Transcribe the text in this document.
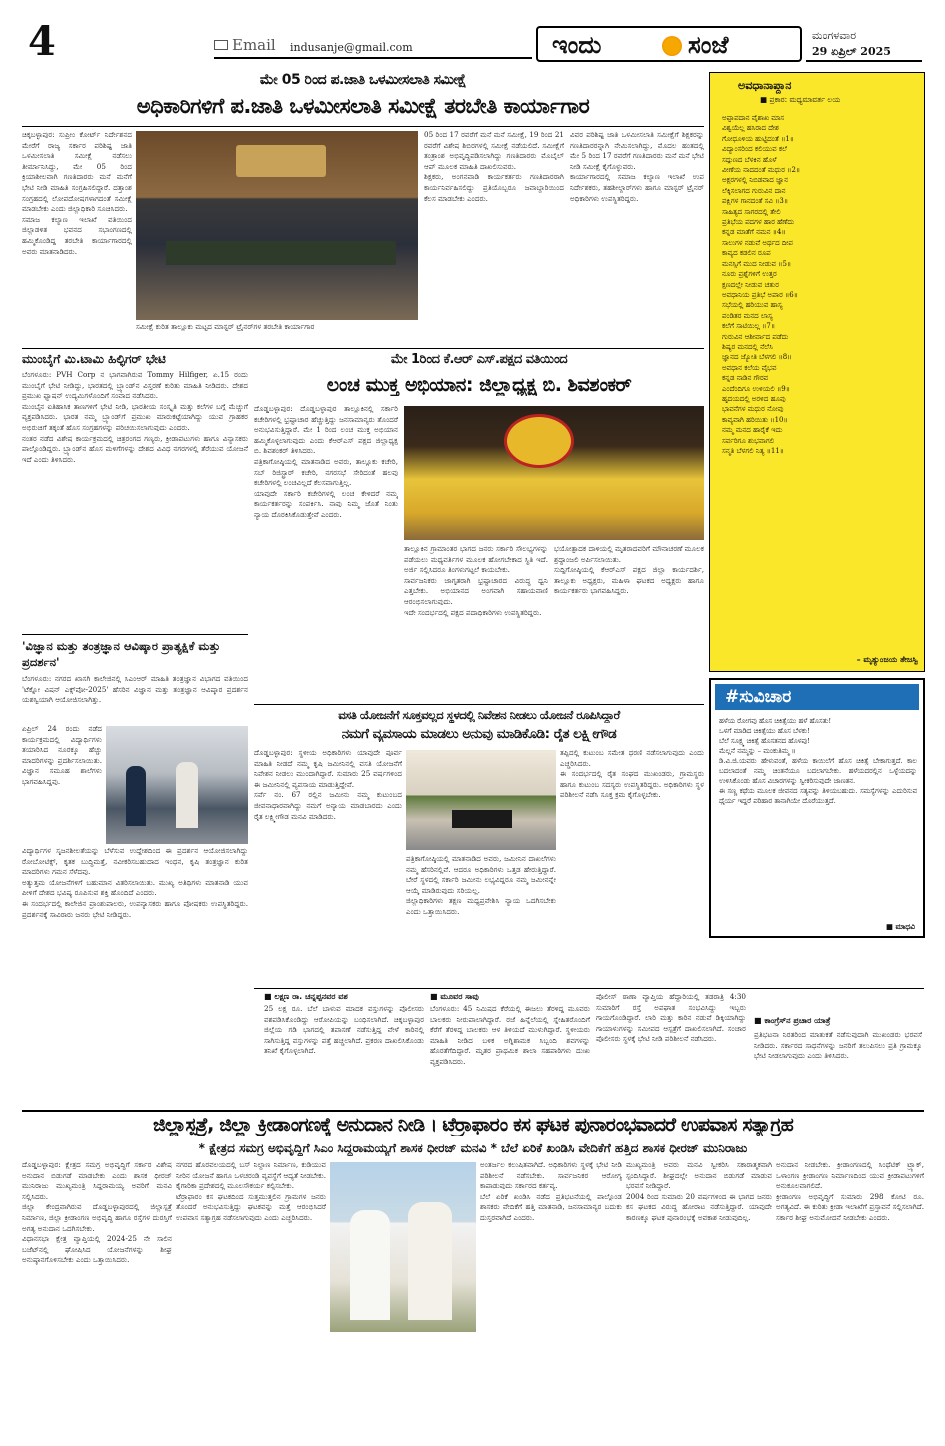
4	Email indusanje@gmail.com	ಇಂದು	ಸಂಜೆ	ಮಂಗಳವಾರ
29 ಏಪ್ರಿಲ್ 2025
ಮೇ 05 ರಿಂದ ಪ.ಜಾತಿ ಒಳಮೀಸಲಾತಿ ಸಮೀಕ್ಷೆ
ಅಧಿಕಾರಿಗಳಿಗೆ ಪ.ಜಾತಿ ಒಳಮೀಸಲಾತಿ ಸಮೀಕ್ಷೆ ತರಬೇತಿ ಕಾರ್ಯಾಗಾರ
ಚಿಕ್ಕಬಳ್ಳಾಪುರ: ಸುಪ್ರೀಂ ಕೋರ್ಟ್ ನಿರ್ದೇಶನದ ಮೇರೆಗೆ ರಾಜ್ಯ ಸರ್ಕಾರ ಪರಿಶಿಷ್ಟ ಜಾತಿ ಒಳಮೀಸಲಾತಿ ಸಮೀಕ್ಷೆ ನಡೆಸಲು ತೀರ್ಮಾನಿಸಿದ್ದು, ಮೇ 05 ರಿಂದ ಕ್ರಿಯಾಶೀಲವಾಗಿ ಗಣತಿದಾರರು ಮನೆ ಮನೆಗೆ ಭೇಟಿ ನೀಡಿ ಮಾಹಿತಿ ಸಂಗ್ರಹಿಸಲಿದ್ದಾರೆ. ದತ್ತಾಂಶ ಸಂಗ್ರಹದಲ್ಲಿ ಲೋಪದೋಷಗಳಾಗದಂತೆ ಸಮೀಕ್ಷೆ ಮಾಡಬೇಕು ಎಂದು ಜಿಲ್ಲಾಧಿಕಾರಿ ಸೂಚಿಸಿದರು.
ಸಮಾಜ ಕಲ್ಯಾಣ ಇಲಾಖೆ ವತಿಯಿಂದ ಜಿಲ್ಲಾಡಳಿತ ಭವನದ ಸಭಾಂಗಣದಲ್ಲಿ ಹಮ್ಮಿಕೊಂಡಿದ್ದ ತರಬೇತಿ ಕಾರ್ಯಾಗಾರದಲ್ಲಿ ಅವರು ಮಾತನಾಡಿದರು.
ಸಮೀಕ್ಷೆ ಕುರಿತ ತಾಲ್ಲೂಕು ಮಟ್ಟದ ಮಾಸ್ಟರ್ ಟ್ರೈನರ್‌ಗಳ ತರಬೇತಿ ಕಾರ್ಯಾಗಾರ
05 ರಿಂದ 17 ರವರೆಗೆ ಮನೆ ಮನೆ ಸಮೀಕ್ಷೆ, 19 ರಿಂದ 21 ರವರೆಗೆ ವಿಶೇಷ ಶಿಬಿರಗಳಲ್ಲಿ ಸಮೀಕ್ಷೆ ನಡೆಯಲಿದೆ. ಸಮೀಕ್ಷೆಗೆ ತಂತ್ರಾಂಶ ಅಭಿವೃದ್ಧಿಪಡಿಸಲಾಗಿದ್ದು ಗಣತಿದಾರರು ಮೊಬೈಲ್ ಆಪ್ ಮೂಲಕ ಮಾಹಿತಿ ದಾಖಲಿಸುವರು.
ಶಿಕ್ಷಕರು, ಅಂಗನವಾಡಿ ಕಾರ್ಯಕರ್ತರು ಗಣತಿದಾರರಾಗಿ ಕಾರ್ಯನಿರ್ವಹಿಸಲಿದ್ದು ಪ್ರತಿಯೊಬ್ಬರೂ ಜವಾಬ್ದಾರಿಯಿಂದ ಕೆಲಸ ಮಾಡಬೇಕು ಎಂದರು.
ವಿವರ ಪರಿಶಿಷ್ಟ ಜಾತಿ ಒಳಮೀಸಲಾತಿ ಸಮೀಕ್ಷೆಗೆ ಶಿಕ್ಷಕರನ್ನು ಗಣತಿದಾರರನ್ನಾಗಿ ನೇಮಿಸಲಾಗಿದ್ದು, ಮೊದಲ ಹಂತದಲ್ಲಿ ಮೇ 5 ರಿಂದ 17 ರವರೆಗೆ ಗಣತಿದಾರರು ಮನೆ ಮನೆ ಭೇಟಿ ನೀಡಿ ಸಮೀಕ್ಷೆ ಕೈಗೊಳ್ಳುವರು.
ಕಾರ್ಯಾಗಾರದಲ್ಲಿ ಸಮಾಜ ಕಲ್ಯಾಣ ಇಲಾಖೆ ಉಪ ನಿರ್ದೇಶಕರು, ತಹಶೀಲ್ದಾರ್‌ಗಳು ಹಾಗೂ ಮಾಸ್ಟರ್ ಟ್ರೈನರ್ ಅಧಿಕಾರಿಗಳು ಉಪಸ್ಥಿತರಿದ್ದರು.
ಅವಧಾನಾಪ್ದಾನ
■ ಪ್ರಕಾರ: ಮಧ್ಯಮಾವರ್ತ ಲಯ
ಅಪ್ಪಾಪದಾನ ವೈಶಾಖ ಮಾಸ
ವಿಶ್ವಯೆಲ್ಲ ಹಸಿರಾದ ದೇಶ
ಗೋಧೂಳಿಯ ಹುಟ್ಟಿದಂತೆ ॥1॥
ವಿದ್ಯಾಂಸರಿಂದ ಕಲಿಯುವ ಕಲೆ
ಸದ್ಗುಣದ ಬೆಳಕಿನ ಹೊಳೆ
ವೀಣೆಯ ನಾದದಂತೆ ಮಧುರ ॥2॥
ಅಕ್ಷರಗಳಲ್ಲಿ ನಿಬಿಡವಾದ ಜ್ಞಾನ
ಲೆಕ್ಕಿಸಲಾಗದ ಗುರುವಿನ ದಾನ
ಪಕ್ಷಿಗಳ ಗಾನದಂತೆ ಸವಿ ॥3॥
ಸಾಹಿತ್ಯದ ಸಾಗರದಲ್ಲಿ ತೇಲಿ
ಪ್ರತಿಭೆಯ ಪದಗಳ ಹಾರ ಹೆಣೆದು
ಕನ್ನಡ ಮಾತೆಗೆ ನಮನ ॥4॥
ಸಾಲುಗಳ ನಡುವೆ ಅರ್ಥದ ದೀಪ
ಕಾವ್ಯದ ಕಡಲಿನ ರೂಪ
ಮನಸ್ಸಿಗೆ ಮುದ ನೀಡುವ ॥5॥
ನೂರು ಪ್ರಶ್ನೆಗಳಿಗೆ ಉತ್ತರ
ಕ್ಷಣದಲ್ಲೇ ನೀಡುವ ಚತುರ
ಅವಧಾನಿಯ ಪ್ರತಿಭೆ ಅಪಾರ ॥6॥
ಸಭೆಯಲ್ಲಿ ಹರಿಯುವ ಹಾಸ್ಯ
ಪಂಡಿತರ ಮನದ ಲಾಸ್ಯ
ಕಲೆಗೆ ಸಾಟಿಯಿಲ್ಲ ॥7॥
ಗುರುವಿನ ಆಶೀರ್ವಾದ ಪಡೆದು
ಶಿಷ್ಯರ ಮನದಲ್ಲಿ ನೆಲೆಸಿ
ಜ್ಞಾನದ ಜ್ಯೋತಿ ಬೆಳಗಲಿ ॥8॥
ಅವಧಾನ ಕಲೆಯ ವೈಭವ
ಕನ್ನಡ ನಾಡಿನ ಗೌರವ
ಎಂದೆಂದಿಗೂ ಉಳಿಯಲಿ ॥9॥
ಹೃದಯದಲ್ಲಿ ಅರಳಿದ ಹೂವು
ಭಾವನೆಗಳ ಮಧುರ ನೋವು
ಕಾವ್ಯವಾಗಿ ಹರಿಯಿತು ॥10॥
ನಮ್ಮ ಮನದ ಹಾರೈಕೆ ಇದು
ಸರ್ವರಿಗೂ ಶುಭವಾಗಲಿ
ಸನ್ಮತಿ ಬೆಳಗಲಿ ನಿತ್ಯ ॥11॥
– ಮೃತ್ಯುಂಜಯ ತೇಜಸ್ವಿ
#ಸುವಿಚಾರ
ಹಳೆಯ ರೋಗವು ಹೊಸ ಚಿಕಿತ್ಸೆಯು ಹಳೆ ಹೊಸತು!
ಒಳಗೆ ಮಾಡಿದ ಚಿಕಿತ್ಸೆಯು ಹೊಸ ಬೆಳಕು!
ಬೆಲೆ ಸೂಕ್ಷ್ಮ ಚಿಕಿತ್ಸೆ ಹೊಸತನದ ಹೊಳಪು!
ಮೆಲ್ಲನೆ ನಮ್ಮನ್ನು – ಮಂಕುತಿಮ್ಮ ॥
ಡಿ.ವಿ.ಜಿ.ಯವರು ಹೇಳುವಂತೆ, ಹಳೆಯ ಕಾಯಿಲೆಗೆ ಹೊಸ ಚಿಕಿತ್ಸೆ ಬೇಕಾಗುತ್ತದೆ. ಕಾಲ ಬದಲಾದಂತೆ ನಮ್ಮ ಚಿಂತನೆಯೂ ಬದಲಾಗಬೇಕು. ಹಳೆಯದರಲ್ಲಿನ ಒಳ್ಳೆಯದನ್ನು ಉಳಿಸಿಕೊಂಡು ಹೊಸ ವಿಚಾರಗಳನ್ನು ಸ್ವೀಕರಿಸುವುದೇ ಜಾಣತನ.
ಈ ಸಣ್ಣ ಕಥೆಯ ಮೂಲಕ ಜೀವನದ ಸತ್ಯವನ್ನು ತಿಳಿಯಬಹುದು. ಸಮಸ್ಯೆಗಳನ್ನು ಎದುರಿಸುವ ಧೈರ್ಯ ಇದ್ದರೆ ಪರಿಹಾರ ತಾನಾಗಿಯೇ ದೊರೆಯುತ್ತದೆ.
■ ಮಾಧವಿ
ಮುಂಬೈಗೆ ಮಿ.ಟಾಮಿ ಹಿಲ್ಫಿಗರ್ ಭೇಟಿ
ಬೆಂಗಳೂರು: PVH Corp ನ ಭಾಗವಾಗಿರುವ Tommy Hilfiger, ಏ.15 ರಂದು ಮುಂಬೈಗೆ ಭೇಟಿ ನೀಡಿದ್ದು, ಭಾರತದಲ್ಲಿ ಬ್ರ್ಯಾಂಡ್‌ನ ವಿಸ್ತರಣೆ ಕುರಿತು ಮಾಹಿತಿ ನೀಡಿದರು. ದೇಶದ ಪ್ರಮುಖ ಫ್ಯಾಷನ್ ಉದ್ಯಮಿಗಳೊಂದಿಗೆ ಸಂವಾದ ನಡೆಸಿದರು.
ಮುಂಬೈನ ಐತಿಹಾಸಿಕ ತಾಣಗಳಿಗೆ ಭೇಟಿ ನೀಡಿ, ಭಾರತೀಯ ಸಂಸ್ಕೃತಿ ಮತ್ತು ಕಲೆಗಳ ಬಗ್ಗೆ ಮೆಚ್ಚುಗೆ ವ್ಯಕ್ತಪಡಿಸಿದರು. ಭಾರತ ನಮ್ಮ ಬ್ರ್ಯಾಂಡ್‌ಗೆ ಪ್ರಮುಖ ಮಾರುಕಟ್ಟೆಯಾಗಿದ್ದು ಯುವ ಗ್ರಾಹಕರ ಅಭಿರುಚಿಗೆ ತಕ್ಕಂತೆ ಹೊಸ ಸಂಗ್ರಹಗಳನ್ನು ಪರಿಚಯಿಸಲಾಗುವುದು ಎಂದರು.
ನಂತರ ನಡೆದ ವಿಶೇಷ ಕಾರ್ಯಕ್ರಮದಲ್ಲಿ ಚಿತ್ರರಂಗದ ಗಣ್ಯರು, ಕ್ರೀಡಾಪಟುಗಳು ಹಾಗೂ ವಿನ್ಯಾಸಕರು ಪಾಲ್ಗೊಂಡಿದ್ದರು. ಬ್ರ್ಯಾಂಡ್‌ನ ಹೊಸ ಮಳಿಗೆಗಳನ್ನು ದೇಶದ ವಿವಿಧ ನಗರಗಳಲ್ಲಿ ತೆರೆಯುವ ಯೋಜನೆ ಇದೆ ಎಂದು ತಿಳಿಸಿದರು.
'ವಿಜ್ಞಾನ ಮತ್ತು ತಂತ್ರಜ್ಞಾನ ಆವಿಷ್ಕಾರ ಪ್ರಾತ್ಯಕ್ಷಿಕೆ ಮತ್ತು ಪ್ರದರ್ಶನ'
ಬೆಂಗಳೂರು: ನಗರದ ಖಾಸಗಿ ಕಾಲೇಜಿನಲ್ಲಿ ಸಿಎಂಆರ್ ಮಾಹಿತಿ ತಂತ್ರಜ್ಞಾನ ವಿಭಾಗದ ವತಿಯಿಂದ 'ಟೆಕ್ನೋ ವಿಷನ್ ಎಕ್ಸ್‌ಪೋ-2025' ಹೆಸರಿನ ವಿಜ್ಞಾನ ಮತ್ತು ತಂತ್ರಜ್ಞಾನ ಆವಿಷ್ಕಾರ ಪ್ರದರ್ಶನ ಯಶಸ್ವಿಯಾಗಿ ಆಯೋಜಿಸಲಾಗಿತ್ತು.
ಏಪ್ರಿಲ್ 24 ರಂದು ನಡೆದ ಕಾರ್ಯಕ್ರಮದಲ್ಲಿ ವಿದ್ಯಾರ್ಥಿಗಳು ತಯಾರಿಸಿದ ನೂರಕ್ಕೂ ಹೆಚ್ಚು ಮಾದರಿಗಳನ್ನು ಪ್ರದರ್ಶಿಸಲಾಯಿತು. ವಿಜ್ಞಾನ ಸಮೂಹ ಶಾಲೆಗಳು ಭಾಗವಹಿಸಿದ್ದವು.
ವಿದ್ಯಾರ್ಥಿಗಳ ಸೃಜನಶೀಲತೆಯನ್ನು ಬೆಳೆಸುವ ಉದ್ದೇಶದಿಂದ ಈ ಪ್ರದರ್ಶನ ಆಯೋಜಿಸಲಾಗಿದ್ದು ರೋಬೋಟಿಕ್ಸ್, ಕೃತಕ ಬುದ್ಧಿಮತ್ತೆ, ನವೀಕರಿಸಬಹುದಾದ ಇಂಧನ, ಕೃಷಿ ತಂತ್ರಜ್ಞಾನ ಕುರಿತ ಮಾದರಿಗಳು ಗಮನ ಸೆಳೆದವು.
ಅತ್ಯುತ್ತಮ ಯೋಜನೆಗಳಿಗೆ ಬಹುಮಾನ ವಿತರಿಸಲಾಯಿತು. ಮುಖ್ಯ ಅತಿಥಿಗಳು ಮಾತನಾಡಿ ಯುವ ಪೀಳಿಗೆ ದೇಶದ ಭವಿಷ್ಯ ರೂಪಿಸುವ ಶಕ್ತಿ ಹೊಂದಿದೆ ಎಂದರು.
ಈ ಸಂದರ್ಭದಲ್ಲಿ ಕಾಲೇಜಿನ ಪ್ರಾಂಶುಪಾಲರು, ಉಪನ್ಯಾಸಕರು ಹಾಗೂ ಪೋಷಕರು ಉಪಸ್ಥಿತರಿದ್ದರು. ಪ್ರದರ್ಶನಕ್ಕೆ ಸಾವಿರಾರು ಜನರು ಭೇಟಿ ನೀಡಿದ್ದರು.
ಮೇ 1ರಿಂದ ಕೆ.ಆರ್ ಎಸ್.ಪಕ್ಷದ ವತಿಯಿಂದ
ಲಂಚ ಮುಕ್ತ ಅಭಿಯಾನ: ಜಿಲ್ಲಾಧ್ಯಕ್ಷ ಬಿ. ಶಿವಶಂಕರ್
ದೊಡ್ಡಬಳ್ಳಾಪುರ: ದೊಡ್ಡಬಳ್ಳಾಪುರ ತಾಲ್ಲೂಕಿನಲ್ಲಿ ಸರ್ಕಾರಿ ಕಚೇರಿಗಳಲ್ಲಿ ಭ್ರಷ್ಟಾಚಾರ ಹೆಚ್ಚುತ್ತಿದ್ದು ಜನಸಾಮಾನ್ಯರು ತೊಂದರೆ ಅನುಭವಿಸುತ್ತಿದ್ದಾರೆ. ಮೇ 1 ರಿಂದ ಲಂಚ ಮುಕ್ತ ಅಭಿಯಾನ ಹಮ್ಮಿಕೊಳ್ಳಲಾಗುವುದು ಎಂದು ಕೆಆರ್‌ಎಸ್ ಪಕ್ಷದ ಜಿಲ್ಲಾಧ್ಯಕ್ಷ ಬಿ. ಶಿವಶಂಕರ್ ತಿಳಿಸಿದರು.
ಪತ್ರಿಕಾಗೋಷ್ಠಿಯಲ್ಲಿ ಮಾತನಾಡಿದ ಅವರು, ತಾಲ್ಲೂಕು ಕಚೇರಿ, ಸಬ್ ರಿಜಿಸ್ಟ್ರಾರ್ ಕಚೇರಿ, ನಗರಸಭೆ ಸೇರಿದಂತೆ ಹಲವು ಕಚೇರಿಗಳಲ್ಲಿ ಲಂಚವಿಲ್ಲದೆ ಕೆಲಸವಾಗುತ್ತಿಲ್ಲ.
ಯಾವುದೇ ಸರ್ಕಾರಿ ಕಚೇರಿಗಳಲ್ಲಿ ಲಂಚ ಕೇಳಿದರೆ ನಮ್ಮ ಕಾರ್ಯಕರ್ತರನ್ನು ಸಂಪರ್ಕಿಸಿ. ನಾವು ನಿಮ್ಮ ಜೊತೆ ನಿಂತು ನ್ಯಾಯ ದೊರಕಿಸಿಕೊಡುತ್ತೇವೆ ಎಂದರು.
ತಾಲ್ಲೂಕಿನ ಗ್ರಾಮಾಂತರ ಭಾಗದ ಜನರು ಸರ್ಕಾರಿ ಸೌಲಭ್ಯಗಳನ್ನು ಪಡೆಯಲು ಮಧ್ಯವರ್ತಿಗಳ ಮೂಲಕ ಹೋಗಬೇಕಾದ ಸ್ಥಿತಿ ಇದೆ. ಅರ್ಜಿ ಸಲ್ಲಿಸಿದರೂ ತಿಂಗಳುಗಟ್ಟಲೆ ಕಾಯಬೇಕು.
ಸಾರ್ವಜನಿಕರು ಜಾಗೃತರಾಗಿ ಭ್ರಷ್ಟಾಚಾರದ ವಿರುದ್ಧ ಧ್ವನಿ ಎತ್ತಬೇಕು. ಅಭಿಯಾನದ ಅಂಗವಾಗಿ ಸಹಾಯವಾಣಿ ಆರಂಭಿಸಲಾಗುವುದು.
ಇದೇ ಸಂದರ್ಭದಲ್ಲಿ ಪಕ್ಷದ ಪದಾಧಿಕಾರಿಗಳು ಉಪಸ್ಥಿತರಿದ್ದರು.
ಭಯೋತ್ಪಾದಕ ದಾಳಿಯಲ್ಲಿ ಮೃತರಾದವರಿಗೆ ಮೌನಾಚರಣೆ ಮೂಲಕ ಶ್ರದ್ಧಾಂಜಲಿ ಅರ್ಪಿಸಲಾಯಿತು.
ಸುದ್ದಿಗೋಷ್ಠಿಯಲ್ಲಿ ಕೆಆರ್‌ಎಸ್ ಪಕ್ಷದ ಜಿಲ್ಲಾ ಕಾರ್ಯದರ್ಶಿ, ತಾಲ್ಲೂಕು ಅಧ್ಯಕ್ಷರು, ಮಹಿಳಾ ಘಟಕದ ಅಧ್ಯಕ್ಷರು ಹಾಗೂ ಕಾರ್ಯಕರ್ತರು ಭಾಗವಹಿಸಿದ್ದರು.
ವಸತಿ ಯೋಜನೆಗೆ ಸೂಕ್ತವಲ್ಲದ ಸ್ಥಳದಲ್ಲಿ ನಿವೇಶನ ನೀಡಲು ಯೋಜನೆ ರೂಪಿಸಿದ್ದಾರೆ
ನಮಗೆ ವ್ಯವಸಾಯ ಮಾಡಲು ಅನುವು ಮಾಡಿಕೊಡಿ: ರೈತ ಲಕ್ಷ್ಮೀಗೌಡ
ದೊಡ್ಡಬಳ್ಳಾಪುರ: ಸ್ಥಳೀಯ ಅಧಿಕಾರಿಗಳು ಯಾವುದೇ ಪೂರ್ವ ಮಾಹಿತಿ ನೀಡದೆ ನಮ್ಮ ಕೃಷಿ ಜಮೀನಿನಲ್ಲಿ ವಸತಿ ಯೋಜನೆಗೆ ನಿವೇಶನ ನೀಡಲು ಮುಂದಾಗಿದ್ದಾರೆ. ಸುಮಾರು 25 ವರ್ಷಗಳಿಂದ ಈ ಜಮೀನಿನಲ್ಲಿ ವ್ಯವಸಾಯ ಮಾಡುತ್ತಿದ್ದೇವೆ.
ಸರ್ವೆ ನಂ. 67 ರಲ್ಲಿನ ಜಮೀನು ನಮ್ಮ ಕುಟುಂಬದ ಜೀವನಾಧಾರವಾಗಿದ್ದು ನಮಗೆ ಅನ್ಯಾಯ ಮಾಡಬಾರದು ಎಂದು ರೈತ ಲಕ್ಷ್ಮೀಗೌಡ ಮನವಿ ಮಾಡಿದರು.
ಪತ್ರಿಕಾಗೋಷ್ಠಿಯಲ್ಲಿ ಮಾತನಾಡಿದ ಅವರು, ಜಮೀನಿನ ದಾಖಲೆಗಳು ನಮ್ಮ ಹೆಸರಿನಲ್ಲಿವೆ. ಆದರೂ ಅಧಿಕಾರಿಗಳು ಒತ್ತಡ ಹೇರುತ್ತಿದ್ದಾರೆ. ಬೇರೆ ಸ್ಥಳದಲ್ಲಿ ಸರ್ಕಾರಿ ಜಮೀನು ಲಭ್ಯವಿದ್ದರೂ ನಮ್ಮ ಜಮೀನನ್ನೇ ಆಯ್ಕೆ ಮಾಡಿರುವುದು ಸರಿಯಲ್ಲ.
ಜಿಲ್ಲಾಧಿಕಾರಿಗಳು ತಕ್ಷಣ ಮಧ್ಯಪ್ರವೇಶಿಸಿ ನ್ಯಾಯ ಒದಗಿಸಬೇಕು ಎಂದು ಒತ್ತಾಯಿಸಿದರು.
ತಪ್ಪಿದಲ್ಲಿ ಕುಟುಂಬ ಸಮೇತ ಧರಣಿ ನಡೆಸಲಾಗುವುದು ಎಂದು ಎಚ್ಚರಿಸಿದರು.
ಈ ಸಂದರ್ಭದಲ್ಲಿ ರೈತ ಸಂಘದ ಮುಖಂಡರು, ಗ್ರಾಮಸ್ಥರು ಹಾಗೂ ಕುಟುಂಬ ಸದಸ್ಯರು ಉಪಸ್ಥಿತರಿದ್ದರು. ಅಧಿಕಾರಿಗಳು ಸ್ಥಳ ಪರಿಶೀಲನೆ ನಡೆಸಿ ಸೂಕ್ತ ಕ್ರಮ ಕೈಗೊಳ್ಳಬೇಕು.
■ ಲಕ್ಷ್ಮಣ ರಾ. ಚನ್ನಪ್ಪನವರ ವಶ
25 ಲಕ್ಷ ರೂ. ಬೆಲೆ ಬಾಳುವ ಮಾದಕ ವಸ್ತುಗಳನ್ನು ಪೊಲೀಸರು ವಶಪಡಿಸಿಕೊಂಡಿದ್ದು ಆರೋಪಿಯನ್ನು ಬಂಧಿಸಲಾಗಿದೆ. ಚಿಕ್ಕಬಳ್ಳಾಪುರ ಜಿಲ್ಲೆಯ ಗಡಿ ಭಾಗದಲ್ಲಿ ತಪಾಸಣೆ ನಡೆಸುತ್ತಿದ್ದ ವೇಳೆ ಕಾರಿನಲ್ಲಿ ಸಾಗಿಸುತ್ತಿದ್ದ ವಸ್ತುಗಳನ್ನು ಪತ್ತೆ ಹಚ್ಚಲಾಗಿದೆ. ಪ್ರಕರಣ ದಾಖಲಿಸಿಕೊಂಡು ತನಿಖೆ ಕೈಗೊಳ್ಳಲಾಗಿದೆ.
■ ಮೂವರ ಸಾವು
ಬೆಂಗಳೂರು: 45 ನಿಮಿಷದ ಕೆರೆಯಲ್ಲಿ ಈಜಲು ತೆರಳಿದ್ದ ಮೂವರು ಬಾಲಕರು ನೀರುಪಾಲಾಗಿದ್ದಾರೆ. ರಜೆ ಹಿನ್ನೆಲೆಯಲ್ಲಿ ಸ್ನೇಹಿತರೊಂದಿಗೆ ಕೆರೆಗೆ ತೆರಳಿದ್ದ ಬಾಲಕರು ಆಳ ತಿಳಿಯದೆ ಮುಳುಗಿದ್ದಾರೆ. ಸ್ಥಳೀಯರು ಮಾಹಿತಿ ನೀಡಿದ ಬಳಿಕ ಅಗ್ನಿಶಾಮಕ ಸಿಬ್ಬಂದಿ ಶವಗಳನ್ನು ಹೊರತೆಗೆದಿದ್ದಾರೆ. ಮೃತರ ಪ್ರಾಥಮಿಕ ಶಾಲಾ ಸಹಪಾಠಿಗಳು ದುಃಖ ವ್ಯಕ್ತಪಡಿಸಿದರು.
ಪೊಲೀಸ್ ಠಾಣಾ ವ್ಯಾಪ್ತಿಯ ಹೆದ್ದಾರಿಯಲ್ಲಿ ತಡರಾತ್ರಿ 4:30 ಸುಮಾರಿಗೆ ರಸ್ತೆ ಅಪಘಾತ ಸಂಭವಿಸಿದ್ದು ಇಬ್ಬರು ಗಾಯಗೊಂಡಿದ್ದಾರೆ. ಲಾರಿ ಮತ್ತು ಕಾರಿನ ನಡುವೆ ಡಿಕ್ಕಿಯಾಗಿದ್ದು ಗಾಯಾಳುಗಳನ್ನು ಸಮೀಪದ ಆಸ್ಪತ್ರೆಗೆ ದಾಖಲಿಸಲಾಗಿದೆ. ಸಂಚಾರ ಪೊಲೀಸರು ಸ್ಥಳಕ್ಕೆ ಭೇಟಿ ನೀಡಿ ಪರಿಶೀಲನೆ ನಡೆಸಿದರು.
■ ಕಾಂಗ್ರೆಸ್‌ನ ಪ್ರಚಾರ ಯಾತ್ರೆ
ಪ್ರತಿಭಟನಾ ನಿರತರಿಂದ ಮಾತುಕತೆ ನಡೆಸುವುದಾಗಿ ಮುಖಂಡರು ಭರವಸೆ ನೀಡಿದರು. ಸರ್ಕಾರದ ಸಾಧನೆಗಳನ್ನು ಜನರಿಗೆ ತಲುಪಿಸಲು ಪ್ರತಿ ಗ್ರಾಮಕ್ಕೂ ಭೇಟಿ ನೀಡಲಾಗುವುದು ಎಂದು ತಿಳಿಸಿದರು.
ಜಿಲ್ಲಾಸ್ಪತ್ರೆ, ಜಿಲ್ಲಾ ಕ್ರೀಡಾಂಗಣಕ್ಕೆ ಅನುದಾನ ನೀಡಿ । ಟೆರ್ರಾಫಾರಂ ಕಸ ಘಟಕ ಪುನಾರಂಭವಾದರೆ ಉಪವಾಸ ಸತ್ಯಾಗ್ರಹ
* ಕ್ಷೇತ್ರದ ಸಮಗ್ರ ಅಭಿವೃದ್ಧಿಗೆ ಸಿಎಂ ಸಿದ್ದರಾಮಯ್ಯಗೆ ಶಾಸಕ ಧೀರಜ್ ಮನವಿ * ಬೆಲೆ ಏರಿಕೆ ಖಂಡಿಸಿ ವೇದಿಕೆಗೆ ಹತ್ತಿದ ಶಾಸಕ ಧೀರಜ್ ಮುನಿರಾಜು
ದೊಡ್ಡಬಳ್ಳಾಪುರ: ಕ್ಷೇತ್ರದ ಸಮಗ್ರ ಅಭಿವೃದ್ಧಿಗೆ ಸರ್ಕಾರ ವಿಶೇಷ ಅನುದಾನ ಬಿಡುಗಡೆ ಮಾಡಬೇಕು ಎಂದು ಶಾಸಕ ಧೀರಜ್ ಮುನಿರಾಜು ಮುಖ್ಯಮಂತ್ರಿ ಸಿದ್ದರಾಮಯ್ಯ ಅವರಿಗೆ ಮನವಿ ಸಲ್ಲಿಸಿದರು.
ಜಿಲ್ಲಾ ಕೇಂದ್ರವಾಗಿರುವ ದೊಡ್ಡಬಳ್ಳಾಪುರದಲ್ಲಿ ಜಿಲ್ಲಾಸ್ಪತ್ರೆ ನಿರ್ಮಾಣ, ಜಿಲ್ಲಾ ಕ್ರೀಡಾಂಗಣ ಅಭಿವೃದ್ಧಿ ಹಾಗೂ ರಸ್ತೆಗಳ ದುರಸ್ತಿಗೆ ಅಗತ್ಯ ಅನುದಾನ ಒದಗಿಸಬೇಕು.
ವಿಧಾನಸಭಾ ಕ್ಷೇತ್ರ ವ್ಯಾಪ್ತಿಯಲ್ಲಿ 2024-25 ನೇ ಸಾಲಿನ ಬಜೆಟ್‌ನಲ್ಲಿ ಘೋಷಿಸಿದ ಯೋಜನೆಗಳನ್ನು ಶೀಘ್ರ ಅನುಷ್ಠಾನಗೊಳಿಸಬೇಕು ಎಂದು ಒತ್ತಾಯಿಸಿದರು.
ನಗರದ ಹೊರವಲಯದಲ್ಲಿ ಬಸ್ ನಿಲ್ದಾಣ ನಿರ್ಮಾಣ, ಕುಡಿಯುವ ನೀರಿನ ಯೋಜನೆ ಹಾಗೂ ಒಳಚರಂಡಿ ವ್ಯವಸ್ಥೆಗೆ ಆದ್ಯತೆ ನೀಡಬೇಕು. ಕೈಗಾರಿಕಾ ಪ್ರದೇಶದಲ್ಲಿ ಮೂಲಸೌಕರ್ಯ ಕಲ್ಪಿಸಬೇಕು.
ಟೆರ್ರಾಫಾರಂ ಕಸ ಘಟಕದಿಂದ ಸುತ್ತಮುತ್ತಲಿನ ಗ್ರಾಮಗಳ ಜನರು ತೊಂದರೆ ಅನುಭವಿಸುತ್ತಿದ್ದು ಘಟಕವನ್ನು ಮತ್ತೆ ಆರಂಭಿಸಿದರೆ ಉಪವಾಸ ಸತ್ಯಾಗ್ರಹ ನಡೆಸಲಾಗುವುದು ಎಂದು ಎಚ್ಚರಿಸಿದರು.
ಅಂತರ್ಜಲ ಕಲುಷಿತವಾಗಿದೆ. ಅಧಿಕಾರಿಗಳು ಸ್ಥಳಕ್ಕೆ ಭೇಟಿ ನೀಡಿ ಪರಿಶೀಲನೆ ನಡೆಸಬೇಕು. ಸಾರ್ವಜನಿಕರ ಆರೋಗ್ಯ ಕಾಪಾಡುವುದು ಸರ್ಕಾರದ ಕರ್ತವ್ಯ.
ಬೆಲೆ ಏರಿಕೆ ಖಂಡಿಸಿ ನಡೆದ ಪ್ರತಿಭಟನೆಯಲ್ಲಿ ಪಾಲ್ಗೊಂಡ ಶಾಸಕರು ವೇದಿಕೆಗೆ ಹತ್ತಿ ಮಾತನಾಡಿ, ಜನಸಾಮಾನ್ಯರ ಬದುಕು ದುಸ್ತರವಾಗಿದೆ ಎಂದರು.
ಮುಖ್ಯಮಂತ್ರಿ ಅವರು ಮನವಿ ಸ್ವೀಕರಿಸಿ ಸಕಾರಾತ್ಮಕವಾಗಿ ಸ್ಪಂದಿಸಿದ್ದಾರೆ. ಶೀಘ್ರದಲ್ಲೇ ಅನುದಾನ ಬಿಡುಗಡೆ ಮಾಡುವ ಭರವಸೆ ನೀಡಿದ್ದಾರೆ.
2004 ರಿಂದ ಸುಮಾರು 20 ವರ್ಷಗಳಿಂದ ಈ ಭಾಗದ ಜನರು ಕಸ ಘಟಕದ ವಿರುದ್ಧ ಹೋರಾಟ ನಡೆಸುತ್ತಿದ್ದಾರೆ. ಯಾವುದೇ ಕಾರಣಕ್ಕೂ ಘಟಕ ಪುನಾರಂಭಕ್ಕೆ ಅವಕಾಶ ನೀಡುವುದಿಲ್ಲ.
ಅನುದಾನ ನೀಡಬೇಕು. ಕ್ರೀಡಾಂಗಣದಲ್ಲಿ ಸಿಂಥೆಟಿಕ್ ಟ್ರ್ಯಾಕ್, ಒಳಾಂಗಣ ಕ್ರೀಡಾಂಗಣ ನಿರ್ಮಾಣದಿಂದ ಯುವ ಕ್ರೀಡಾಪಟುಗಳಿಗೆ ಅನುಕೂಲವಾಗಲಿದೆ.
ಕ್ರೀಡಾಂಗಣ ಅಭಿವೃದ್ಧಿಗೆ ಸುಮಾರು 298 ಕೋಟಿ ರೂ. ಅಗತ್ಯವಿದೆ. ಈ ಕುರಿತು ಕ್ರೀಡಾ ಇಲಾಖೆಗೆ ಪ್ರಸ್ತಾವನೆ ಸಲ್ಲಿಸಲಾಗಿದೆ. ಸರ್ಕಾರ ಶೀಘ್ರ ಅನುಮೋದನೆ ನೀಡಬೇಕು ಎಂದರು.
